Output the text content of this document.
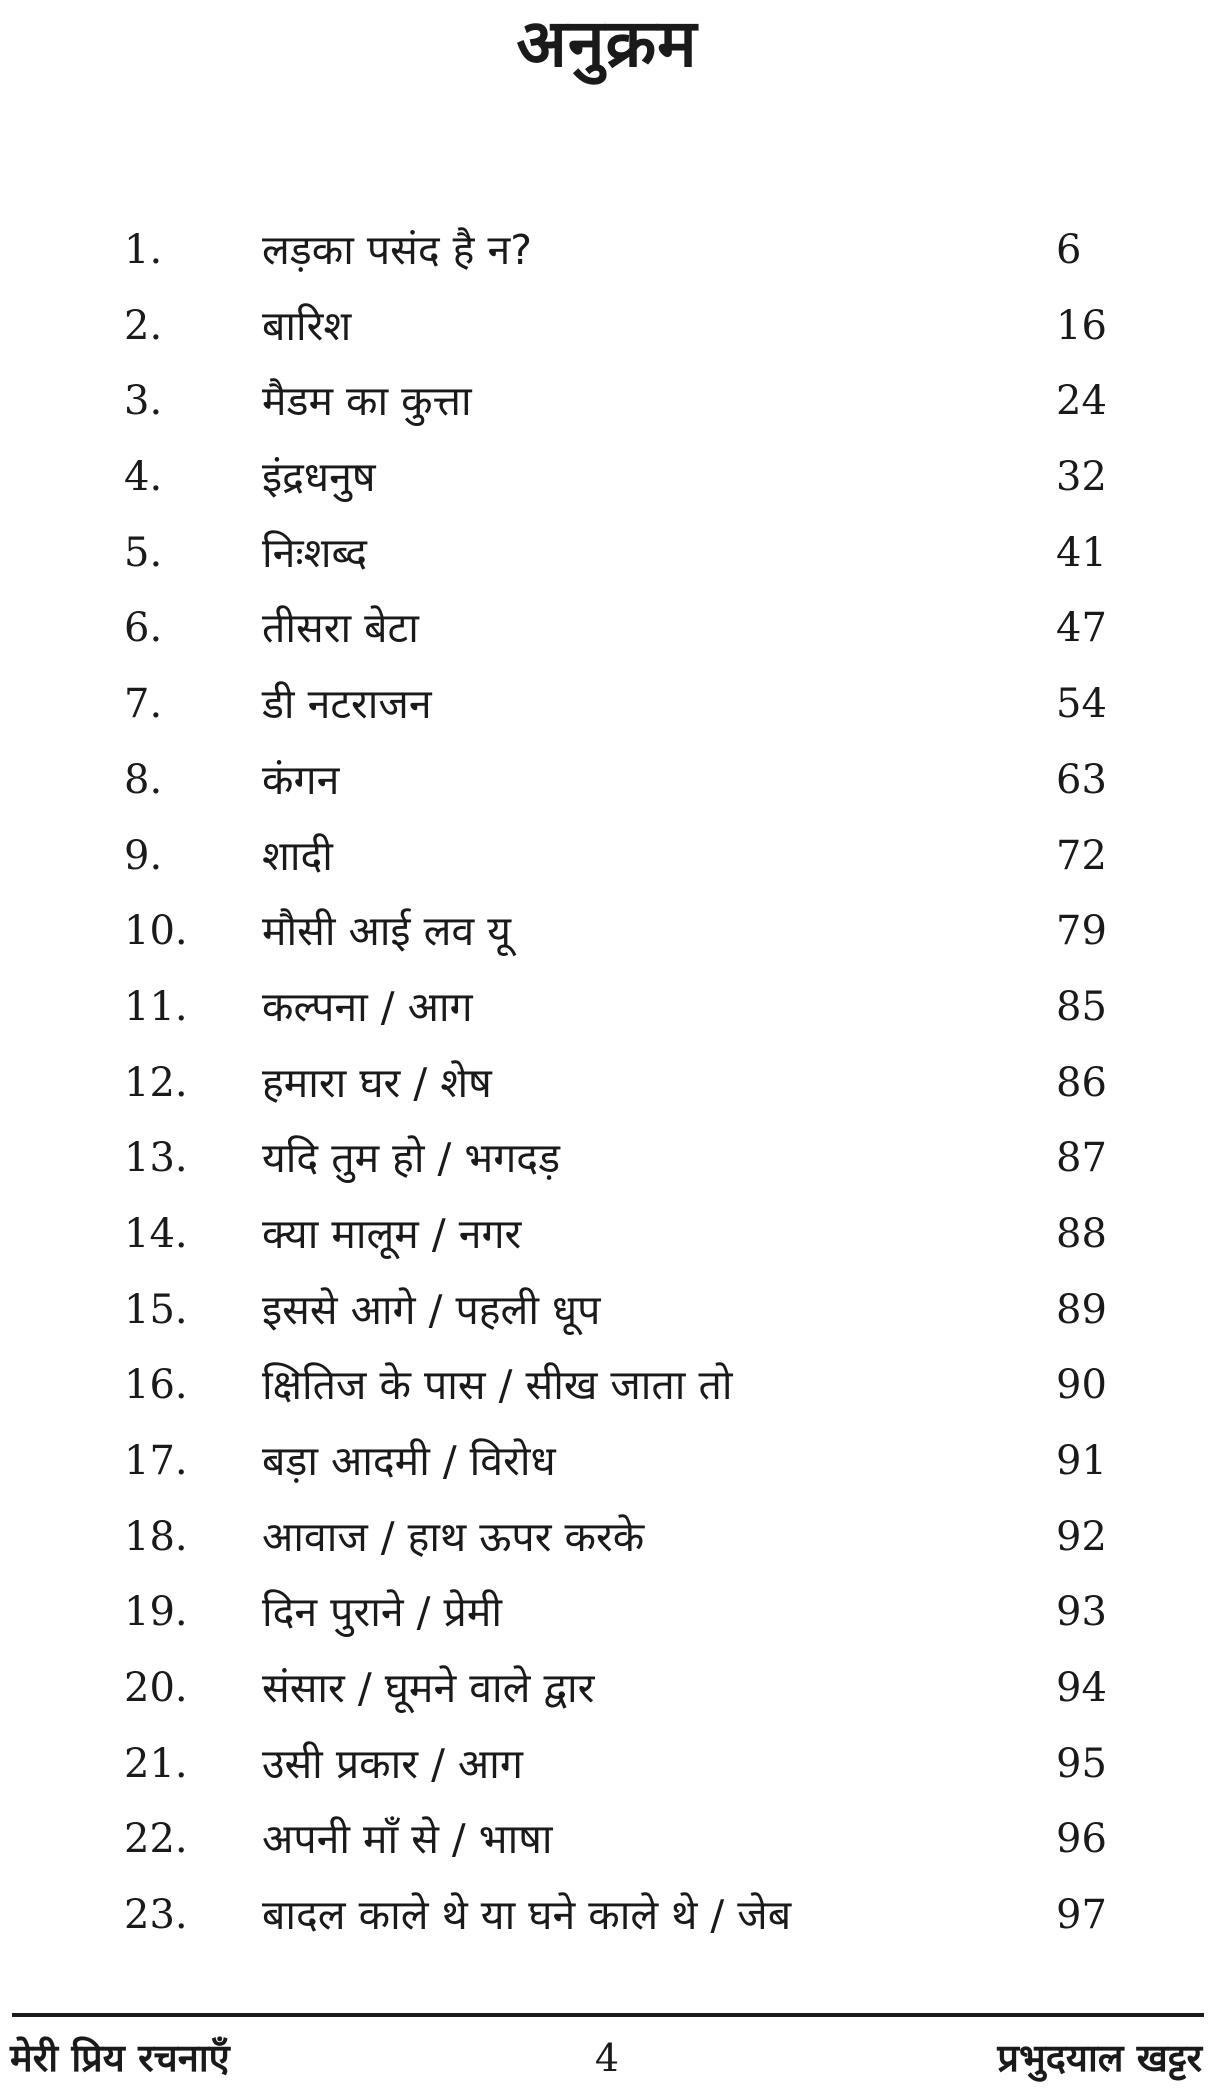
अनुक्रम
1. लड़का पसंद है न?	6
2. बारिश	16
3. मैडम का कुत्ता	24
4. इंद्रधनुष	32
5. निःशब्द	41
6. तीसरा बेटा	47
7. डी नटराजन	54
8. कंगन	63
9. शादी	72
10. मौसी आई लव यू	79
11. कल्पना / आग	85
12. हमारा घर / शेष	86
13. यदि तुम हो / भगदड़	87
14. क्या मालूम / नगर	88
15. इससे आगे / पहली धूप	89
16. क्षितिज के पास / सीख जाता तो	90
17. बड़ा आदमी / विरोध	91
18. आवाज / हाथ ऊपर करके	92
19. दिन पुराने / प्रेमी	93
20. संसार / घूमने वाले द्वार	94
21. उसी प्रकार / आग	95
22. अपनी माँ से / भाषा	96
23. बादल काले थे या घने काले थे / जेब	97
मेरी प्रिय रचनाएँ	4	प्रभुदयाल खट्टर
